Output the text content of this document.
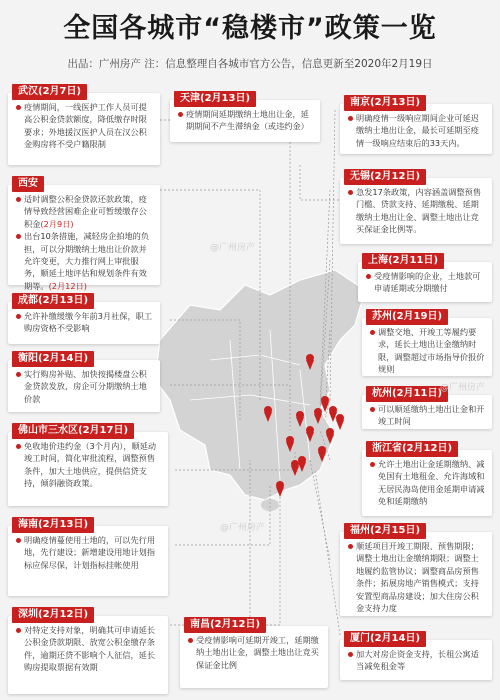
全国各城市“稳楼市”政策一览
出品：广州房产 注：信息整理自各城市官方公告，信息更新至2020年2月19日
武汉(2月7日)
疫情期间，一线医护工作人员可提高公积金贷款额度，降低缴存时限要求；外地援汉医护人员在汉公积金购房将不受户籍限制
西安
适时调整公积金贷款还款政策，疫情导致经营困难企业可暂缓缴存公积金(2月9日)
出台10条措施，减轻房企拍地的负担，可以分期缴纳土地出让价款并允许变更，大力推行网上审批服务，顺延土地评估和规划条件有效期等。(2月12日)
成都(2月13日)
允许补缴缓缴今年前3月社保，职工购房资格不受影响
衡阳(2月14日)
实行购房补贴、加快按揭楼盘公积金贷款发放，房企可分期缴纳土地价款
佛山市三水区(2月17日)
免收地价违约金（3个月内），顺延动竣工时间，简化审批流程，调整预售条件，加大土地供应，提供信贷支持，倾斜融资政策。
海南(2月13日)
明确疫情蔓使用土地的，可以先行用地，先行建设；新增建设用地计划指标应保尽保，计划指标挂帐使用
深圳(2月12日)
对特定支持对象，明确其可申请延长公积金贷款期限、放宽公积金缴存条件，逾期还贷不影响个人征信，延长购房提取票据有效期
天津(2月13日)
疫情期间延期缴纳土地出让金，延期期间不产生滞纳金（或违约金）
南昌(2月12日)
受疫情影响可延期开竣工，延期缴纳土地出让金，调整土地出让竞买保证金比例
南京(2月13日)
明确疫情一级响应期间企业可延迟缴纳土地出让金，最长可延期至疫情一级响应结束后的33天内。
无锡(2月12日)
急发17条政策，内容涵盖调整预售门槛、贷款支持、延期缴税、延期缴纳土地出让金、调整土地出让竞买保证金比例等。
上海(2月11日)
受疫情影响的企业，土地款可申请延期或分期缴付
苏州(2月19日)
调整交地、开竣工等履约要求，延长土地出让金缴纳时限，调整超过市场指导价报价规则
杭州(2月11日)
可以顺延缴纳土地出让金和开竣工时间
浙江省(2月12日)
允许土地出让金延期缴纳、减免国有土地租金、允许海域和无居民海岛使用金延期申请减免和延期缴纳
福州(2月15日)
顺延项目开竣工期限、预售期限；调整土地出让金缴纳期限；调整土地履约监管协议；调整商品房预售条件；拓展房地产销售模式；支持安置型商品房建设；加大住房公积金支持力度
厦门(2月14日)
加大对房企资金支持，长租公寓适当减免租金等
@广州房产
@广州房产
@广州房产
